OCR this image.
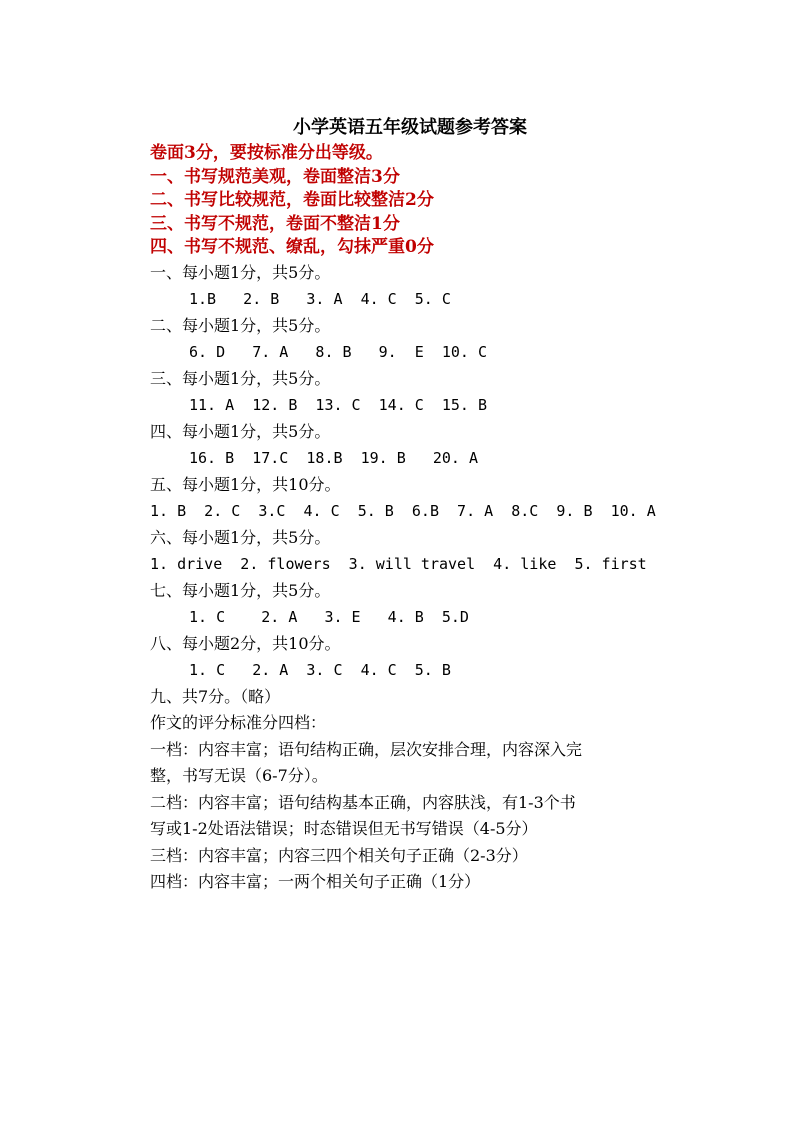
小学英语五年级试题参考答案
卷面3分，要按标准分出等级。
一、书写规范美观，卷面整洁3分
二、书写比较规范，卷面比较整洁2分
三、书写不规范，卷面不整洁1分
四、书写不规范、缭乱，勾抹严重0分
一、每小题1分，共5分。
1.B   2. B   3. A  4. C  5. C
二、每小题1分，共5分。
6. D   7. A   8. B   9.  E  10. C
三、每小题1分，共5分。
11. A  12. B  13. C  14. C  15. B
四、每小题1分，共5分。
16. B  17.C  18.B  19. B   20. A
五、每小题1分，共10分。
1. B  2. C  3.C  4. C  5. B  6.B  7. A  8.C  9. B  10. A
六、每小题1分，共5分。
1. drive  2. flowers  3. will travel  4. like  5. first
七、每小题1分，共5分。
1. C    2. A   3. E   4. B  5.D
八、每小题2分，共10分。
1. C   2. A  3. C  4. C  5. B
九、共7分。（略）
作文的评分标准分四档：
一档：内容丰富；语句结构正确，层次安排合理，内容深入完
整，书写无误（6-7分）。
二档：内容丰富；语句结构基本正确，内容肤浅，有1-3个书
写或1-2处语法错误；时态错误但无书写错误（4-5分）
三档：内容丰富；内容三四个相关句子正确（2-3分）
四档：内容丰富；一两个相关句子正确（1分）
